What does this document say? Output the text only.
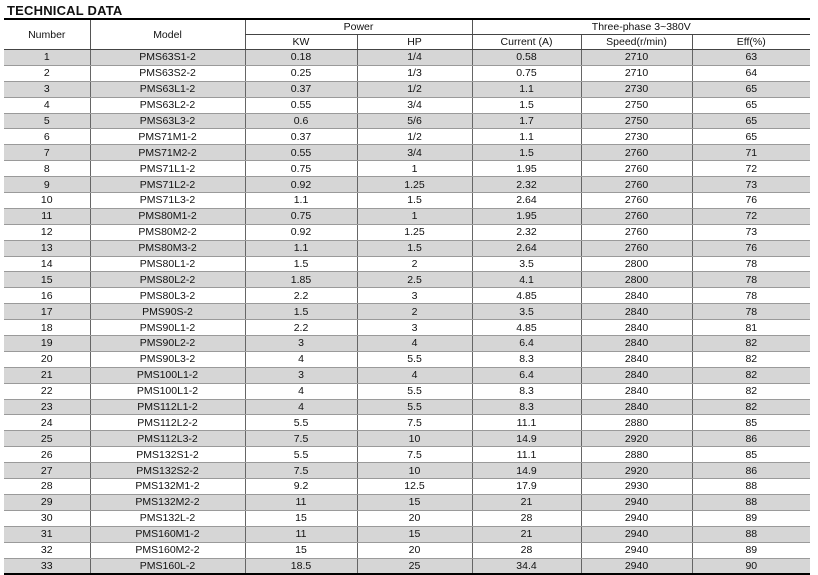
TECHNICAL DATA
Number	Model	Power		Three-phase 3~380V		
		KW	HP	Current (A)	Speed(r/min)	Eff(%)
1	PMS63S1-2	0.18	1/4	0.58	2710	63
2	PMS63S2-2	0.25	1/3	0.75	2710	64
3	PMS63L1-2	0.37	1/2	1.1	2730	65
4	PMS63L2-2	0.55	3/4	1.5	2750	65
5	PMS63L3-2	0.6	5/6	1.7	2750	65
6	PMS71M1-2	0.37	1/2	1.1	2730	65
7	PMS71M2-2	0.55	3/4	1.5	2760	71
8	PMS71L1-2	0.75	1	1.95	2760	72
9	PMS71L2-2	0.92	1.25	2.32	2760	73
10	PMS71L3-2	1.1	1.5	2.64	2760	76
11	PMS80M1-2	0.75	1	1.95	2760	72
12	PMS80M2-2	0.92	1.25	2.32	2760	73
13	PMS80M3-2	1.1	1.5	2.64	2760	76
14	PMS80L1-2	1.5	2	3.5	2800	78
15	PMS80L2-2	1.85	2.5	4.1	2800	78
16	PMS80L3-2	2.2	3	4.85	2840	78
17	PMS90S-2	1.5	2	3.5	2840	78
18	PMS90L1-2	2.2	3	4.85	2840	81
19	PMS90L2-2	3	4	6.4	2840	82
20	PMS90L3-2	4	5.5	8.3	2840	82
21	PMS100L1-2	3	4	6.4	2840	82
22	PMS100L1-2	4	5.5	8.3	2840	82
23	PMS112L1-2	4	5.5	8.3	2840	82
24	PMS112L2-2	5.5	7.5	11.1	2880	85
25	PMS112L3-2	7.5	10	14.9	2920	86
26	PMS132S1-2	5.5	7.5	11.1	2880	85
27	PMS132S2-2	7.5	10	14.9	2920	86
28	PMS132M1-2	9.2	12.5	17.9	2930	88
29	PMS132M2-2	11	15	21	2940	88
30	PMS132L-2	15	20	28	2940	89
31	PMS160M1-2	11	15	21	2940	88
32	PMS160M2-2	15	20	28	2940	89
33	PMS160L-2	18.5	25	34.4	2940	90
